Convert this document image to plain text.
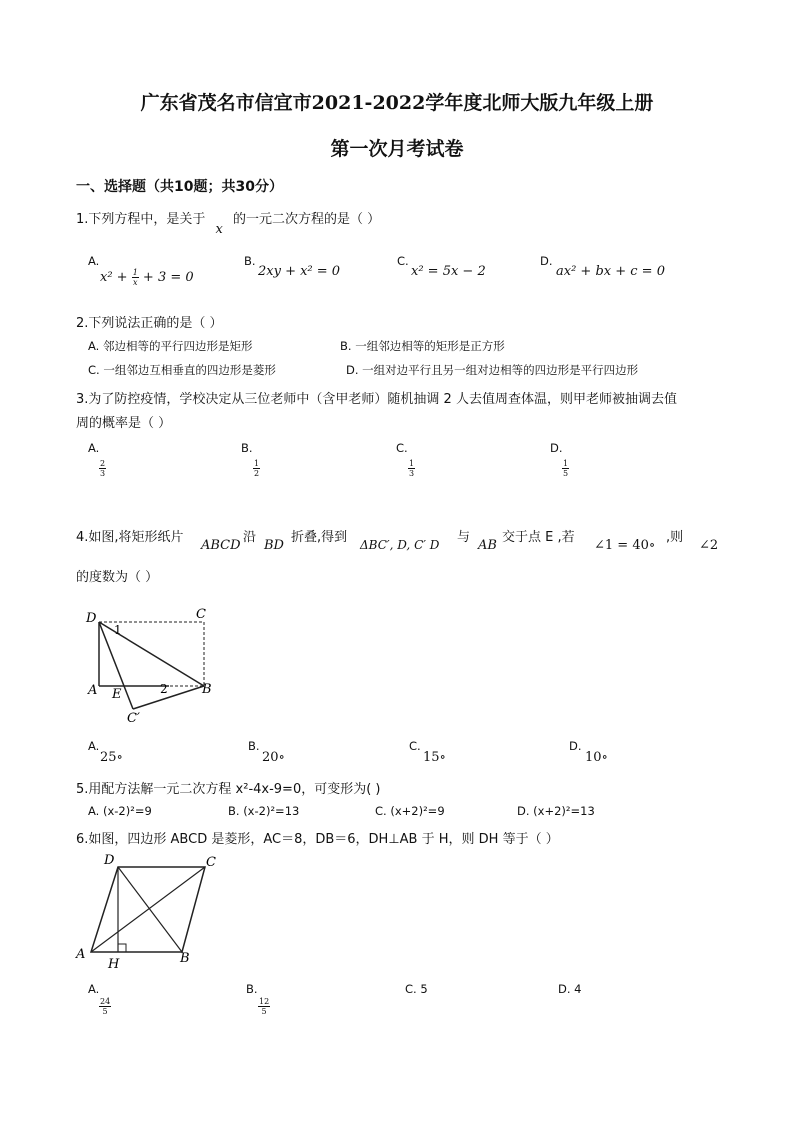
广东省茂名市信宜市2021-2022学年度北师大版九年级上册
第一次月考试卷
一、选择题（共10题；共30分）
1.下列方程中，是关于 x 的一元二次方程的是（ ）
A.
$x^2 + \frac{1}{x} + 3 = 0$
B.
2xy + x² = 0
C.
x² = 5x − 2
D.
ax² + bx + c = 0
2.下列说法正确的是（ ）
A. 邻边相等的平行四边形是矩形	B. 一组邻边相等的矩形是正方形
C. 一组邻边互相垂直的四边形是菱形	D. 一组对边平行且另一组对边相等的四边形是平行四边形
3.为了防控疫情，学校决定从三位老师中（含甲老师）随机抽调 2 人去值周查体温，则甲老师被抽调去值
周的概率是（ ）
A.
$\frac{2}{3}$
B.
$\frac{1}{2}$
C.
$\frac{1}{3}$
D.
$\frac{1}{5}$
4.如图,将矩形纸片
ABCD
沿
BD
折叠,得到 ΔBC′, D, C′ D 与
AB
交于点 E ,若
∠1 = 40∘
,则
∠2
的度数为（ ）
D	C
A E	B
C′
1
2
A.
25∘
B.
20∘
C.
15∘
D.
10∘
5.用配方法解一元二次方程 x²-4x-9=0，可变形为( )
A. (x-2)²=9	B. (x-2)²=13	C. (x+2)²=9	D. (x+2)²=13
6.如图，四边形 ABCD 是菱形，AC＝8，DB＝6，DH⊥AB 于 H，则 DH 等于（ ）
D	C
A
H	B
A.
$\frac{24}{5}$
B.
$\frac{12}{5}$
C. 5	D. 4
